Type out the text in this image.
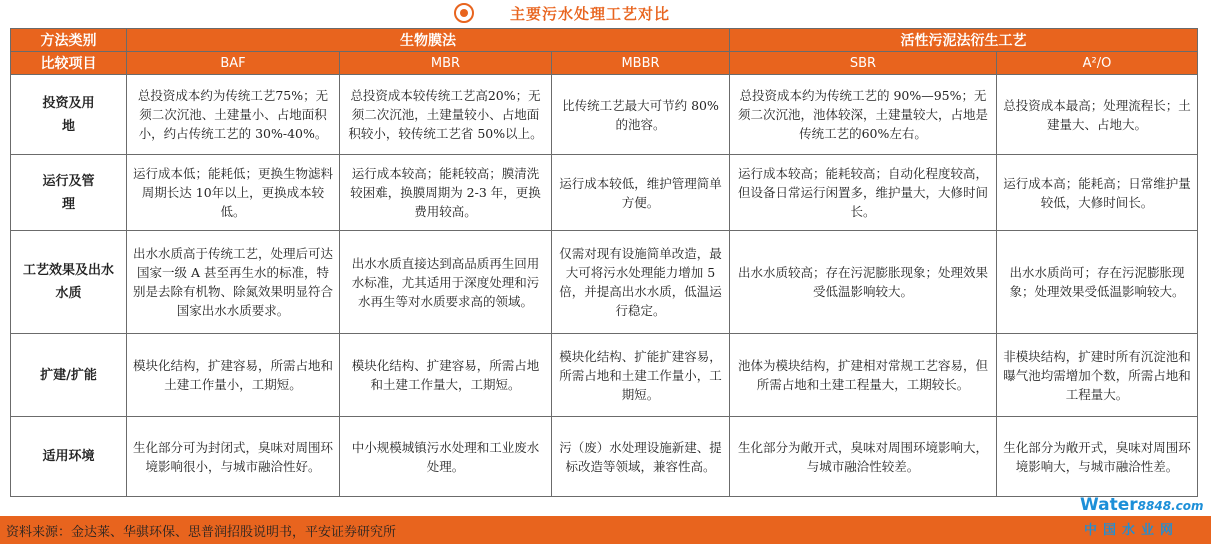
主要污水处理工艺对比
方法类别	生物膜法			活性污泥法衍生工艺	
比较项目	BAF	MBR	MBBR	SBR	A²/O

投资及用地	总投资成本约为传统工艺75%；无须二次沉池、土建量小、占地面积小，约占传统工艺的 30%-40%。	总投资成本较传统工艺高20%；无须二次沉池，土建量较小、占地面积较小，较传统工艺省 50%以上。	比传统工艺最大可节约 80%的池容。	总投资成本约为传统工艺的 90%—95%；无须二次沉池，池体较深，土建量较大，占地是传统工艺的60%左右。	总投资成本最高；处理流程长；土建量大、占地大。

运行及管理	运行成本低；能耗低；更换生物滤料周期长达 10年以上，更换成本较低。	运行成本较高；能耗较高；膜清洗较困难，换膜周期为 2-3 年，更换费用较高。	运行成本较低，维护管理简单方便。	运行成本较高；能耗较高；自动化程度较高，但设备日常运行闲置多，维护量大，大修时间长。	运行成本高；能耗高；日常维护量较低，大修时间长。

工艺效果及出水水质	出水水质高于传统工艺，处理后可达国家一级 A 甚至再生水的标准，特别是去除有机物、除氮效果明显符合国家出水水质要求。	出水水质直接达到高品质再生回用水标准，尤其适用于深度处理和污水再生等对水质要求高的领域。	仅需对现有设施简单改造，最大可将污水处理能力增加 5 倍，并提高出水水质，低温运行稳定。	出水水质较高；存在污泥膨胀现象；处理效果受低温影响较大。	出水水质尚可；存在污泥膨胀现象；处理效果受低温影响较大。
扩建/扩能	模块化结构，扩建容易，所需占地和土建工作量小，工期短。	模块化结构、扩建容易，所需占地和土建工作量大，工期短。	模块化结构、扩能扩建容易，所需占地和土建工作量小，工期短。	池体为模块结构，扩建相对常规工艺容易，但所需占地和土建工程量大，工期较长。	非模块结构，扩建时所有沉淀池和曝气池均需增加个数，所需占地和工程量大。
适用环境	生化部分可为封闭式，臭味对周围环境影响很小，与城市融洽性好。	中小规模城镇污水处理和工业废水处理。	污（废）水处理设施新建、提标改造等领域，兼容性高。	生化部分为敞开式，臭味对周围环境影响大，与城市融洽性较差。	生化部分为敞开式，臭味对周围环境影响大，与城市融洽性差。
资料来源：金达莱、华骐环保、思普润招股说明书，平安证券研究所
Water8848.com
中国水业网
